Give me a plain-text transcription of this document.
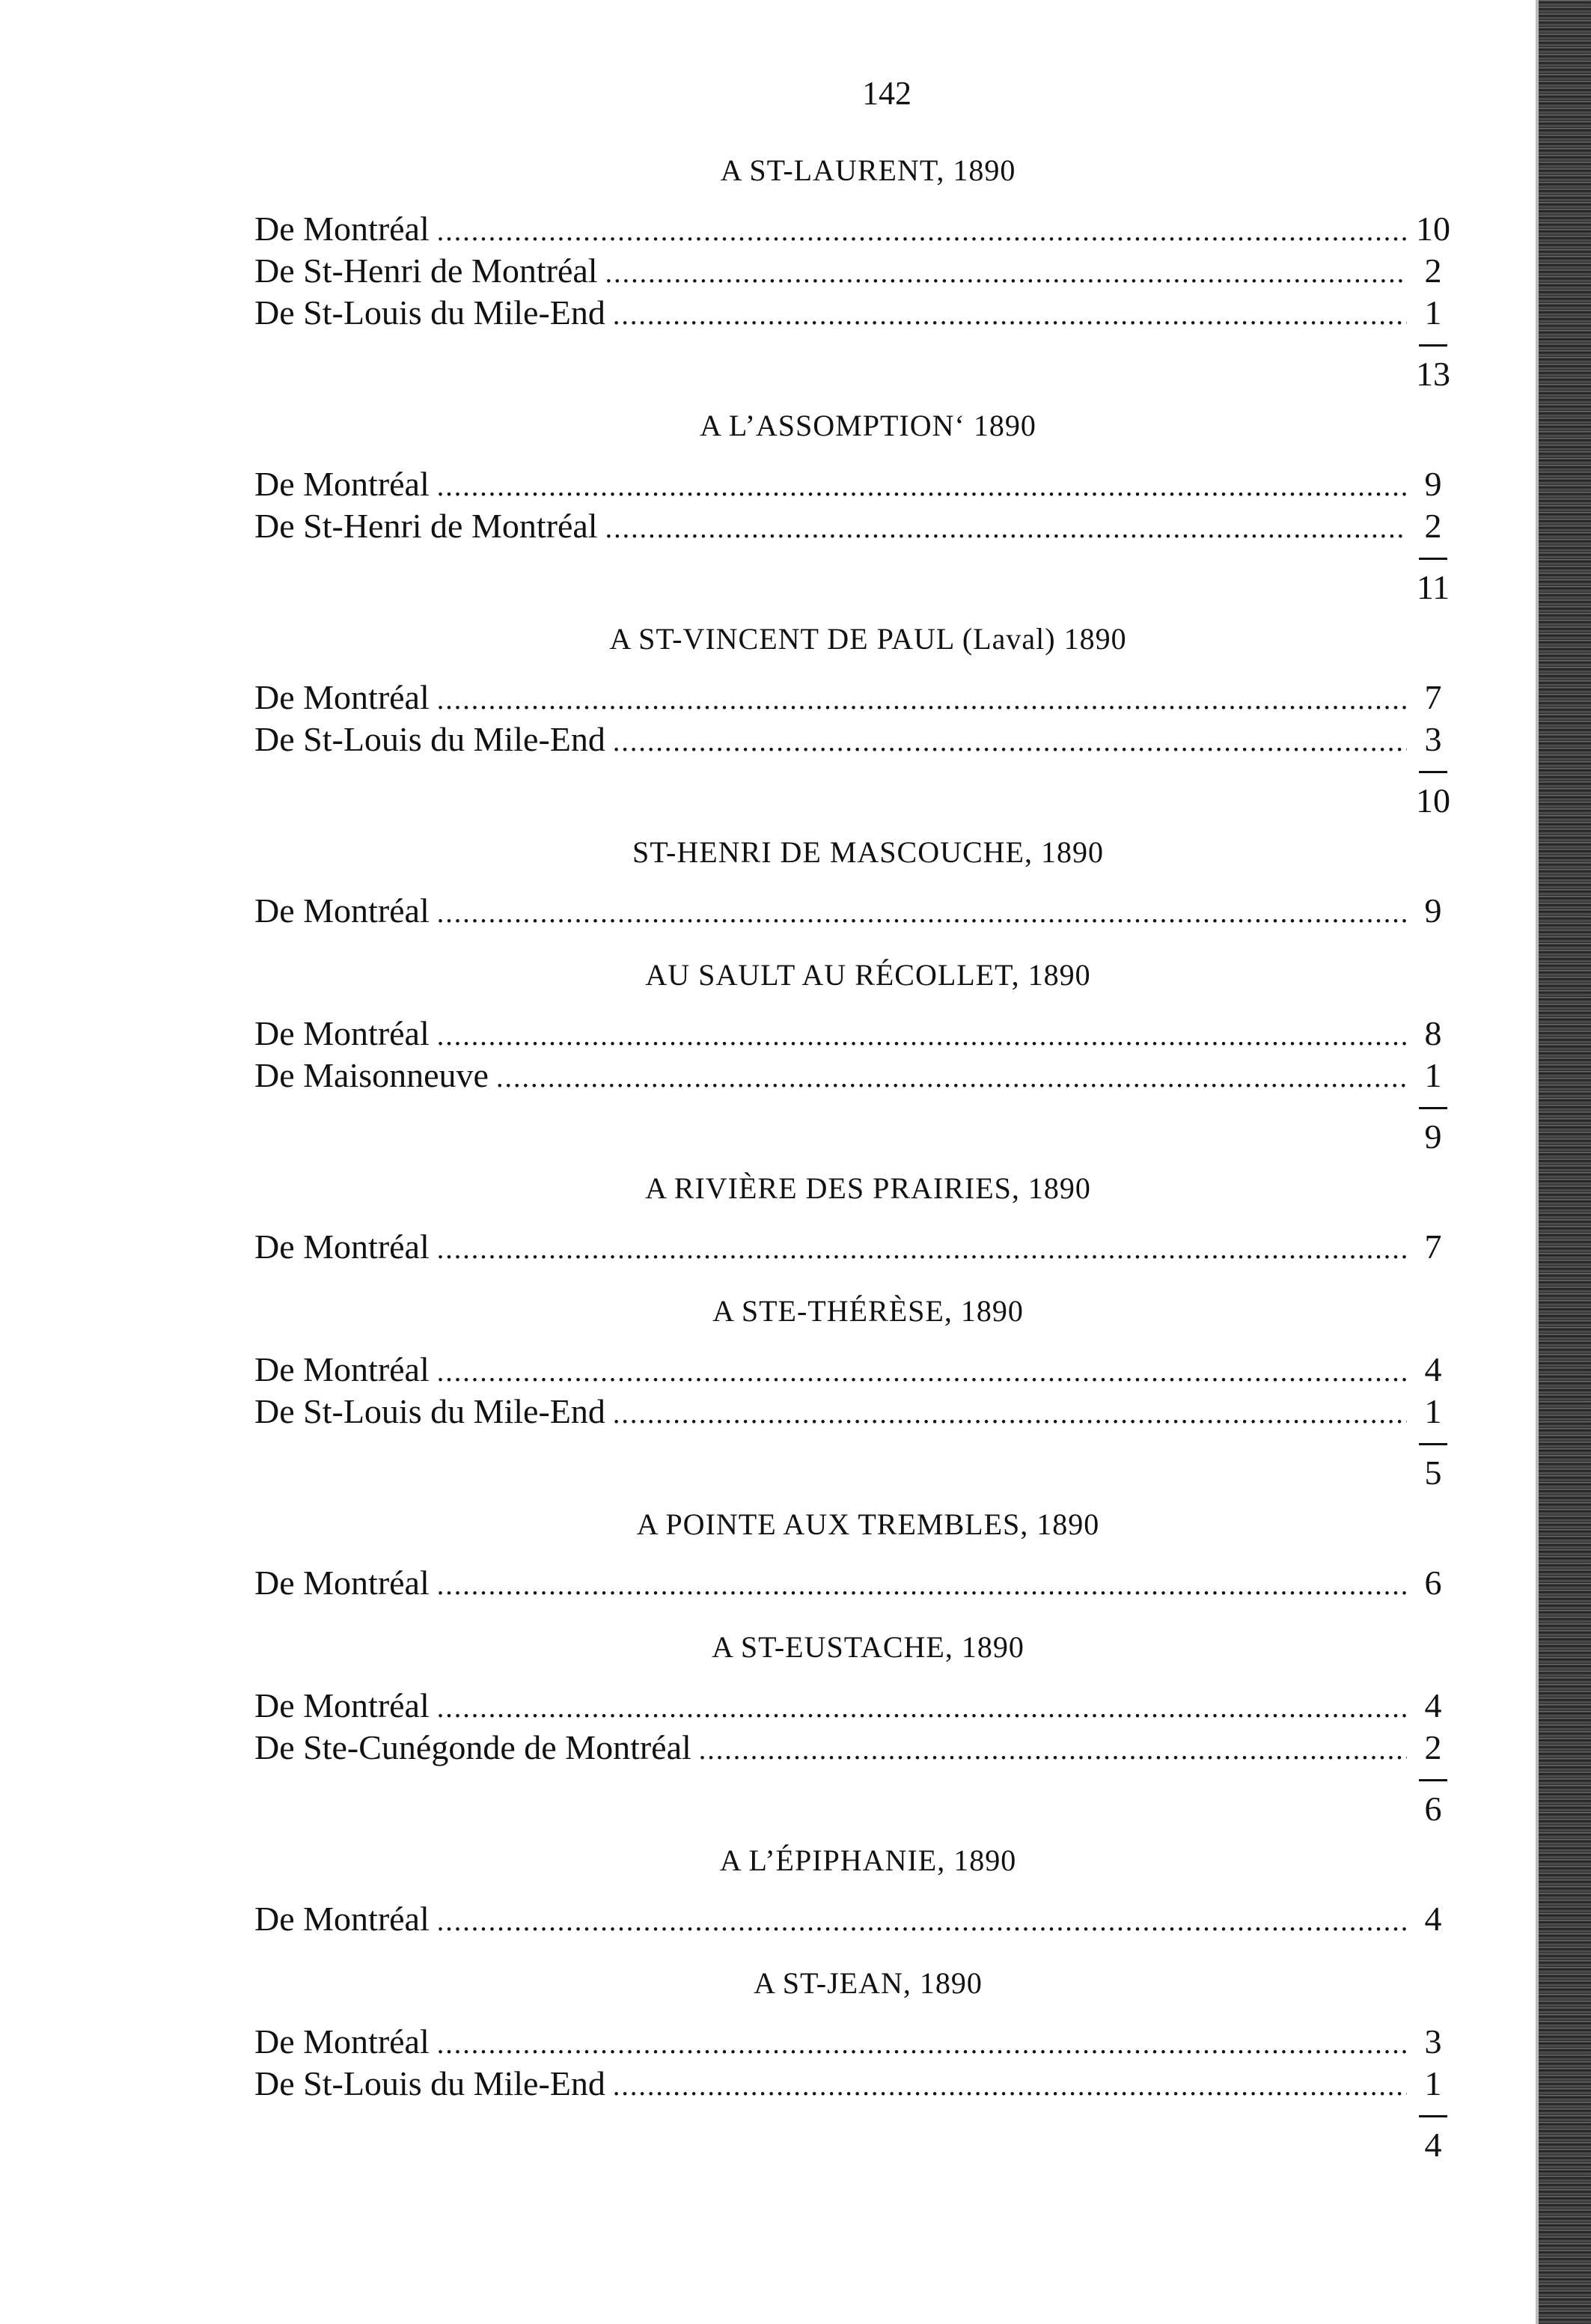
142
A ST-LAURENT, 1890
De Montréal .....	10
De St-Henri de Montréal .....	2
De St-Louis du Mile-End .....	1
13
A L’ASSOMPTION‘ 1890
De Montréal .....	9
De St-Henri de Montréal .....	2
11
A ST-VINCENT DE PAUL (Laval) 1890
De Montréal .....	7
De St-Louis du Mile-End .....	3
10
ST-HENRI DE MASCOUCHE, 1890
De Montréal .....	9
AU SAULT AU RÉCOLLET, 1890
De Montréal .....	8
De Maisonneuve .....	1
9
A RIVIÈRE DES PRAIRIES, 1890
De Montréal .....	7
A STE-THÉRÈSE, 1890
De Montréal .....	4
De St-Louis du Mile-End .....	1
5
A POINTE AUX TREMBLES, 1890
De Montréal .....	6
A ST-EUSTACHE, 1890
De Montréal .....	4
De Ste-Cunégonde de Montréal .....	2
6
A L’ÉPIPHANIE, 1890
De Montréal .....	4
A ST-JEAN, 1890
De Montréal .....	3
De St-Louis du Mile-End .....	1
4
